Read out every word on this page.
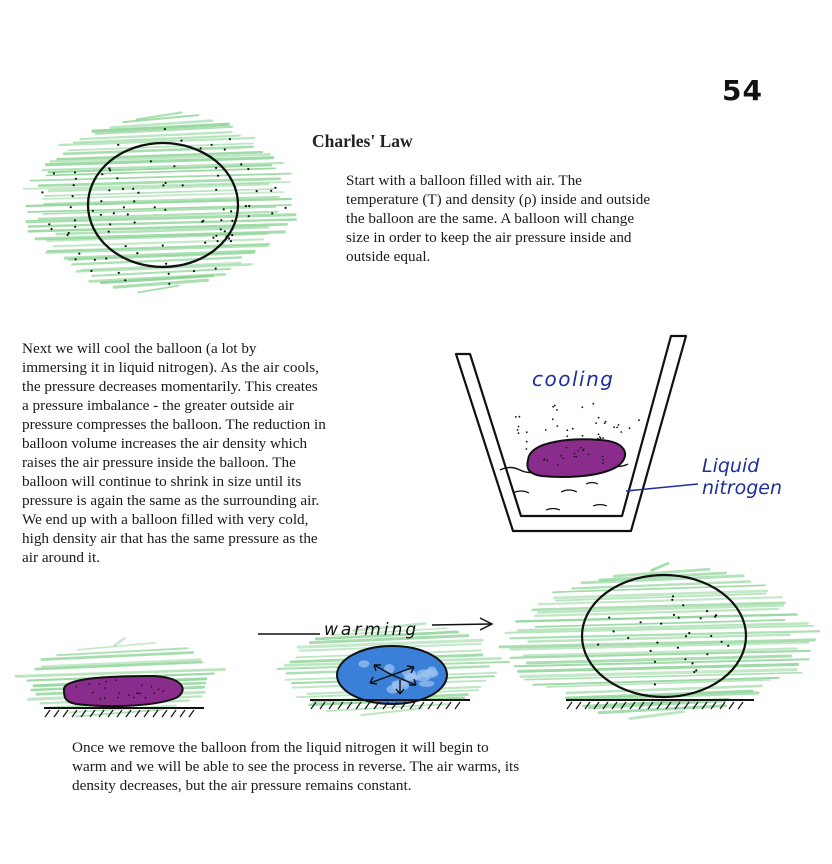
54
Charles' Law
Start with a balloon filled with air. The
temperature (T) and density (ρ) inside and outside
the balloon are the same. A balloon will change
size in order to keep the air pressure inside and
outside equal.
Next we will cool the balloon (a lot by
immersing it in liquid nitrogen). As the air cools,
the pressure decreases momentarily. This creates
a pressure imbalance - the greater outside air
pressure compresses the balloon. The reduction in
balloon volume increases the air density which
raises the air pressure inside the balloon. The
balloon will continue to shrink in size until its
pressure is again the same as the surrounding air.
We end up with a balloon filled with very cold,
high density air that has the same pressure as the
air around it.
Once we remove the balloon from the liquid nitrogen it will begin to
warm and we will be able to see the process in reverse. The air warms, its
density decreases, but the air pressure remains constant.
cooling
Liquid
nitrogen
warming
